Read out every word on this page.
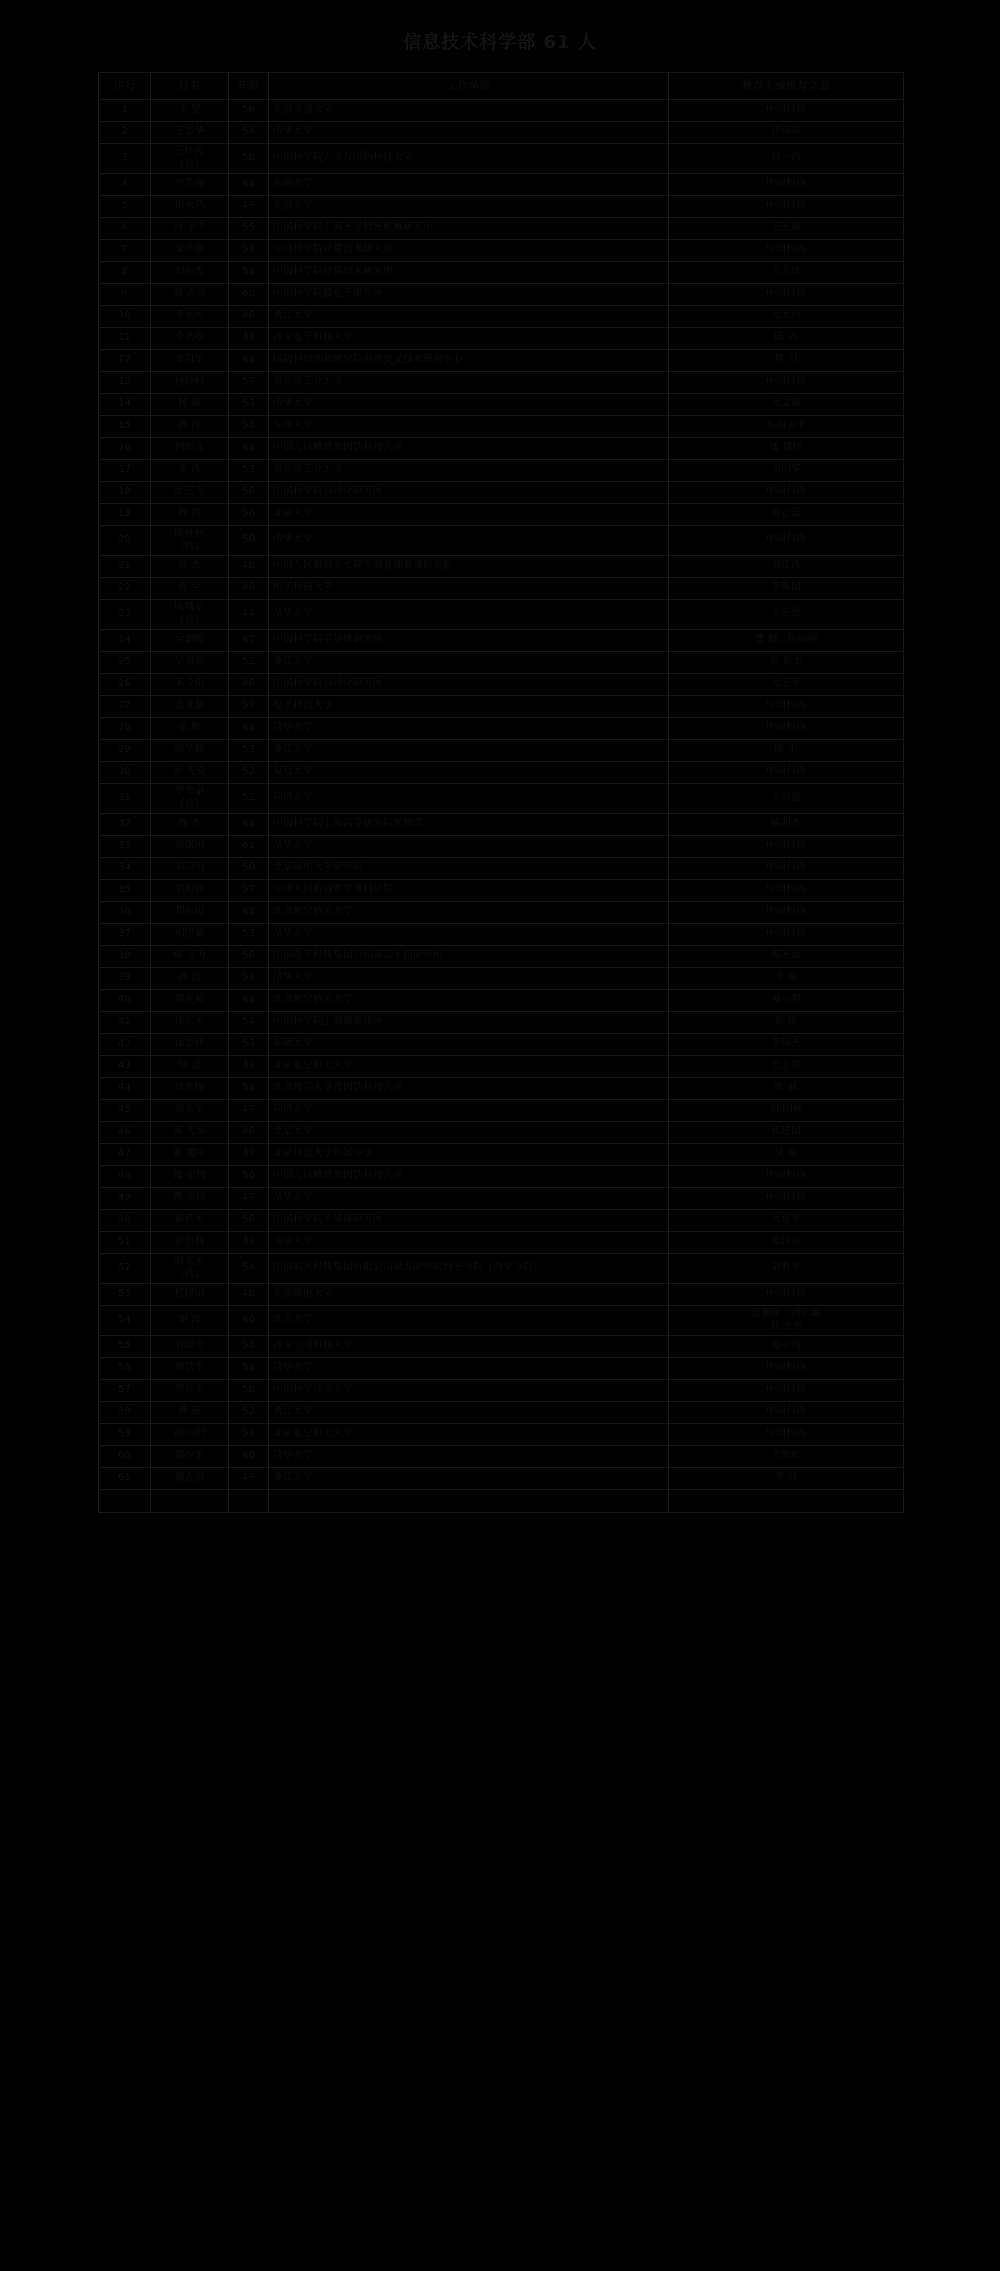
信息技术科学部 61 人
序号	姓名	年龄	工作单位	推荐人或推荐学部
1	王 坚	56	北京交通大学	中国科协
2	王志华	54	清华大学	任南琪
3	王怀民
（兵）	58	中国科学院大学及国防科技大学	郑一海
4	尹浩强	61	东南大学	中国科协
5	田永鸿	49	北京大学	中国科协
6	冯 圣中	55	中国科学院上海光学精密机械研究所	王光辉
7	朱世强	58	中国科学院计算技术研究所	中国科协
8	刘志杰	51	中国科学院计算技术研究所	王大成
9	刘 志勇	60	中国科学院微电子研究所	中国科协
10	李乐民	46	浙江大学	吴大伟
11	李劲松	48	西安电子科技大学	陈 兴
12	李卫军	44	国防科技创新研究院前沿交叉技术研究中心	蔡 卫
13	杨晓峰	57	哈尔滨工业大学	中国科协
14	杨 柳	53	清华大学	吴文俊
15	杨 涛	52	东南大学	东南大学
16	何昭文	42	中国人民解放军国防科技大学	潘 建伟
17	张 涛	53	哈尔滨工业大学	王国华
18	张云飞	56	中国科学院自动化研究所	中国科协
19	陈 明	56	北京大学	郭正云
20	陈桂林
（兵）	50	清华大学	中国科协
21	陈 杰	48	中国人民解放军火箭军装备部装备研究院	刘江涛
22	陈 昊	48	电子科技大学	李维国
23	陈曙东
（兵）	44	清华大学	王宏勇
24	吴朝晖	47	中国科学院半导体研究所	曹 健、汪国强
25	吴海滨	52	浙江大学	张 新杰
26	宋令阳	46	中国科学院自动化研究所	吴宏军
27	张亚勤	55	电子科技大学	中国科协
28	张 辉	44	清华大学	中国科协
29	尚学群	53	浙江大学	陈 平
30	罗 先觉	52	复旦大学	中国科协
31	罗智泉
（兵）	52	同济大学	王昌盛
32	周 杰	42	中国科学院上海高等研究院光源部	陈明杰
33	周保国	61	清华大学	中国科协
34	胡卫明	50	北京邮电大学研究院	中国科协
35	胡海峰	57	中国人民解放军军事科学院	中国科协
36	胡志国	48	北京航空航天大学	中国科协
37	相里斌	53	清华大学	中国科协
38	柳 万力	56	中国电子科技集团公司第五十四研究所	郭光灿
39	洪 波	54	清华大学	李 良
40	贺克斌	49	北京航空航天大学	邓小明
41	徐宗本	54	中国科学院上海微系统所	黄 维
42	徐志伟	53	东南大学	李国杰
43	徐 勇	49	北京航空航天大学	王志伟
44	徐先锋	51	北京理工大学及国防科技大学	张 斌
45	高会军	47	同济大学	周 国栋
46	郭 光灿	46	北京大学	张建国
47	黄 震宇	45	北京师范大学附属中学	吴 亮
48	梅 宏伟	56	中国人民解放军国防科技大学	中国科协
49	曹 兴国	47	清华大学	中国科协
50	崔铁军	56	中国科学院半导体研究所	吴京华
51	彭志科	49	南京大学	陈国良
52	韩光荣
（兵）	54	中国航天科技集团有限公司第五研究院西安分院（西安分院）	刘胜军
53	程建国	48	北京邮电大学	中国科协
54	谢 涛	46	北京大学	张朝晖、潘云鹤
刘 光华
55	管晓宏	52	西安交通科技大学	邓中翰
56	谭铁牛	52	清华大学	中国科协
57	樊邦奎	58	中国科学技术大学	中国科协
58	潘 建	52	浙江大学	中国科协
59	薛向阳	54	北京航空航天大学	中国科协
60	魏少军	60	清华大学	王如松
61	魏志强	49	浙江大学	李 成
